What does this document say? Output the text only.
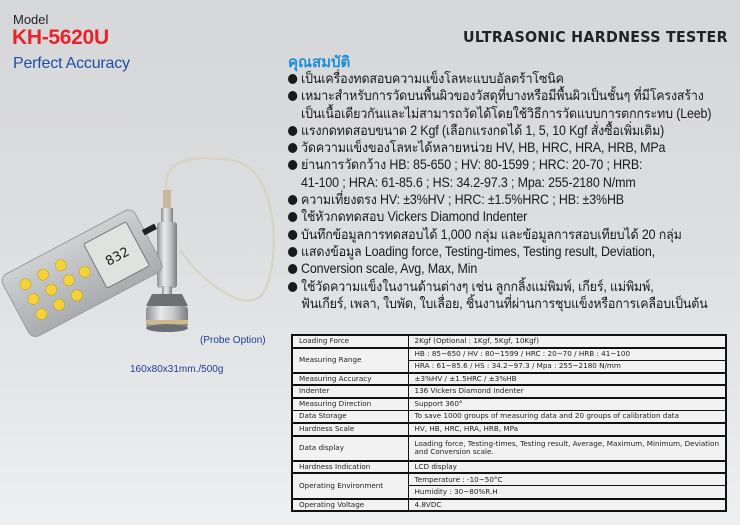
Model
KH-5620U
Perfect Accuracy
ULTRASONIC HARDNESS TESTER
832
(Probe Option)
160x80x31mm./500g
คุณสมบัติ
เป็นเครื่องทดสอบความแข็งโลหะแบบอัลตร้าโซนิค
เหมาะสำหรับการวัดบนพื้นผิวของวัสดุที่บางหรือมีพื้นผิวเป็นชั้นๆ ที่มีโครงสร้าง
เป็นเนื้อเดียวกันและไม่สามารถวัดได้โดยใช้วิธีการวัดแบบการตกกระทบ (Leeb)
แรงกดทดสอบขนาด 2 Kgf (เลือกแรงกดได้ 1, 5, 10 Kgf สั่งซื้อเพิ่มเติม)
วัดความแข็งของโลหะได้หลายหน่วย HV, HB, HRC, HRA, HRB, MPa
ย่านการวัดกว้าง HB: 85-650 ; HV: 80-1599 ; HRC: 20-70 ; HRB:
41-100 ; HRA: 61-85.6 ; HS: 34.2-97.3 ; Mpa: 255-2180 N/mm
ความเที่ยงตรง HV: ±3%HV ; HRC: ±1.5%HRC ; HB: ±3%HB
ใช้หัวกดทดสอบ Vickers Diamond Indenter
บันทึกข้อมูลการทดสอบได้ 1,000 กลุ่ม และข้อมูลการสอบเทียบได้ 20 กลุ่ม
แสดงข้อมูล Loading force, Testing-times, Testing result, Deviation,
Conversion scale, Avg, Max, Min
ใช้วัดความแข็งในงานด้านต่างๆ เช่น ลูกกลิ้งแม่พิมพ์, เกียร์, แม่พิมพ์,
ฟันเกียร์, เพลา, ใบพัด, ใบเลื่อย, ชิ้นงานที่ผ่านการชุบแข็งหรือการเคลือบเป็นต้น
Loading Force	2Kgf (Optional : 1Kgf, 5Kgf, 10Kgf)
Measuring Range	HB : 85~650 / HV : 80~1599 / HRC : 20~70 / HRB : 41~100
	HRA : 61~85.6 / HS : 34.2~97.3 / Mpa : 255~2180 N/mm
Measuring Accuracy	±3%HV / ±1.5HRC / ±3%HB
Indenter	136 Vickers Diamond Indenter
Measuring Direction	Support 360°
Data Storage	To save 1000 groups of measuring data and 20 groups of calibration data
Hardness Scale	HV, HB, HRC, HRA, HRB, MPa
Data display	Loading force, Testing-times, Testing result, Average, Maximum, Minimum, Deviation and Conversion scale.
Hardness Indication	LCD display
Operating Environment	Temperature : -10~50°C
	Humidity : 30~80%R.H
Operating Voltage	4.8VDC
